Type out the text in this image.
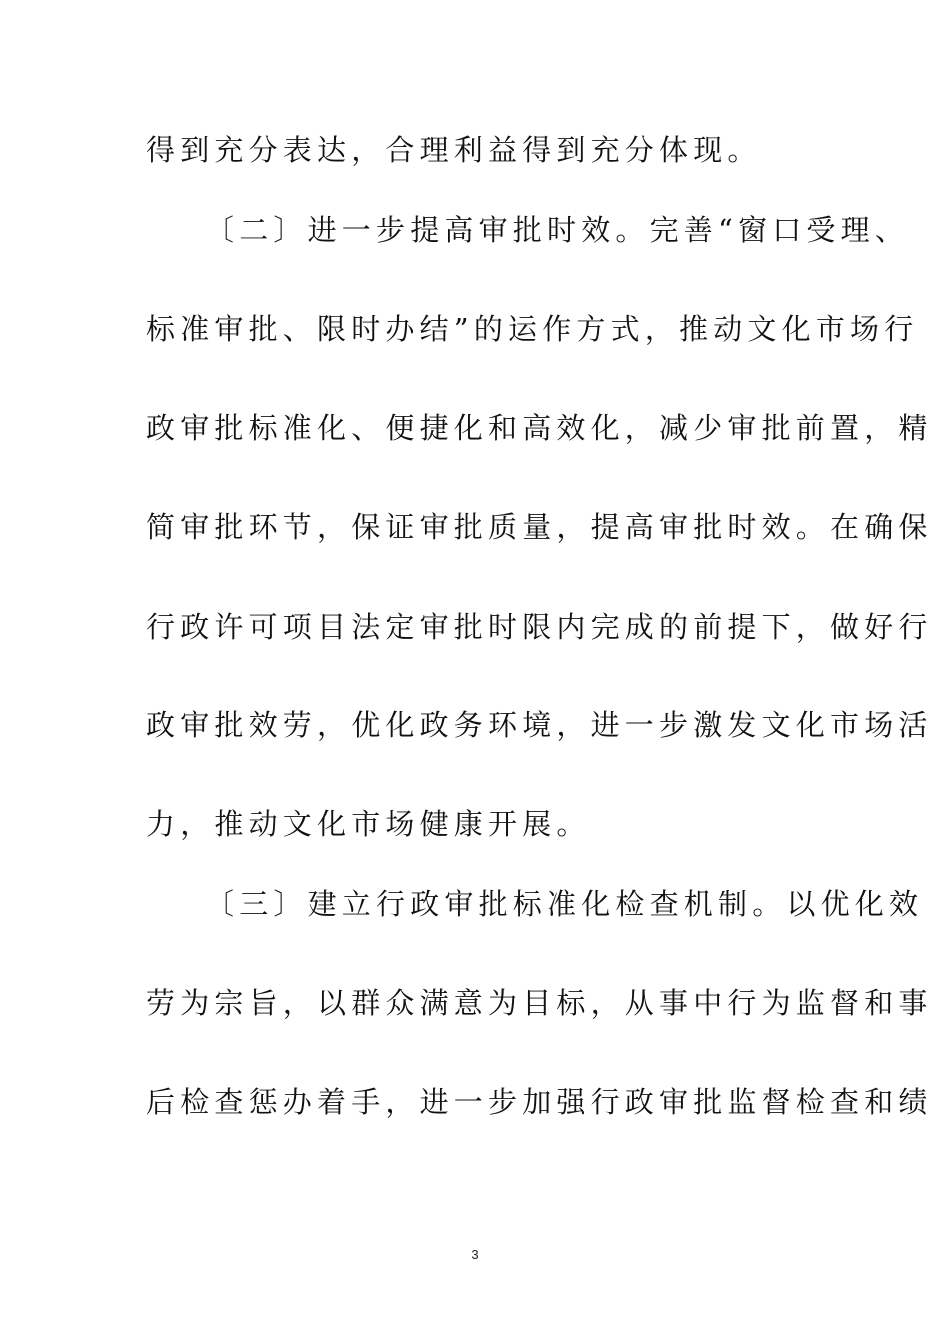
得到充分表达，合理利益得到充分体现。
〔二〕进一步提高审批时效。完善“窗口受理、
标准审批、限时办结”的运作方式，推动文化市场行
政审批标准化、便捷化和高效化，减少审批前置，精
简审批环节，保证审批质量，提高审批时效。在确保
行政许可项目法定审批时限内完成的前提下，做好行
政审批效劳，优化政务环境，进一步激发文化市场活
力，推动文化市场健康开展。
〔三〕建立行政审批标准化检查机制。以优化效
劳为宗旨，以群众满意为目标，从事中行为监督和事
后检查惩办着手，进一步加强行政审批监督检查和绩
3
